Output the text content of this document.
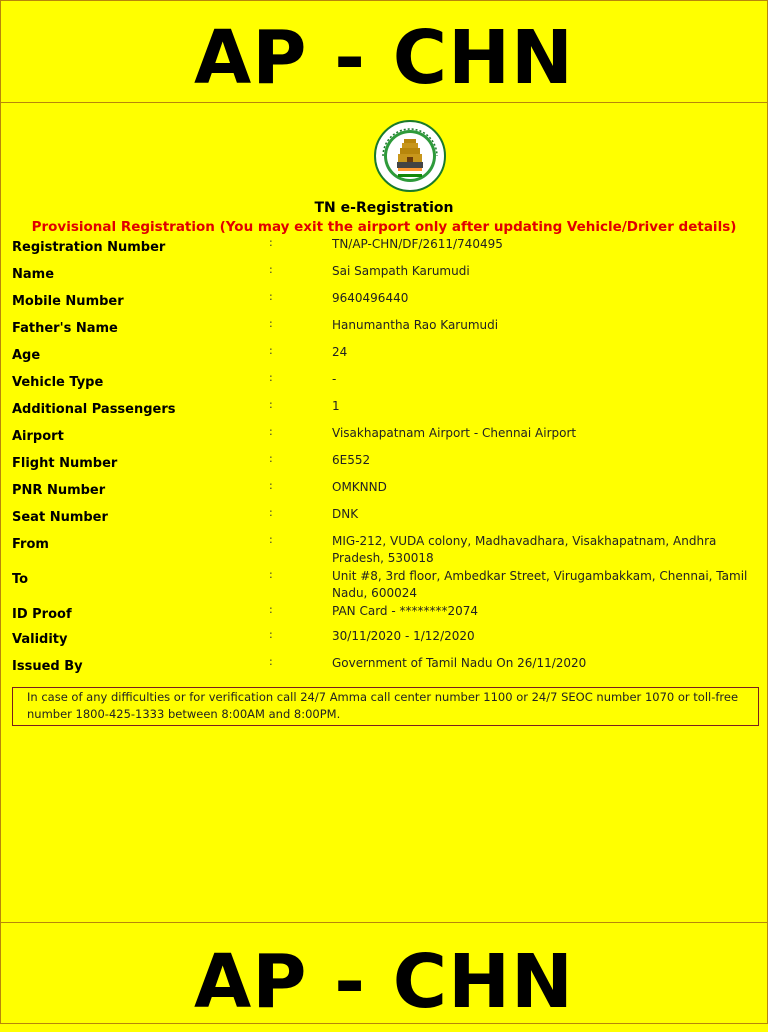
AP - CHN
TN e-Registration
Provisional Registration (You may exit the airport only after updating Vehicle/Driver details)
Registration Number	:	TN/AP-CHN/DF/2611/740495
Name	:	Sai Sampath Karumudi
Mobile Number	:	9640496440
Father's Name	:	Hanumantha Rao Karumudi
Age	:	24
Vehicle Type	:	-
Additional Passengers	:	1
Airport	:	Visakhapatnam Airport - Chennai Airport
Flight Number	:	6E552
PNR Number	:	OMKNND
Seat Number	:	DNK
From	:	MIG-212, VUDA colony, Madhavadhara, Visakhapatnam, Andhra Pradesh, 530018
To	:	Unit #8, 3rd floor, Ambedkar Street, Virugambakkam, Chennai, Tamil Nadu, 600024
ID Proof	:	PAN Card - ********2074
Validity	:	30/11/2020 - 1/12/2020
Issued By	:	Government of Tamil Nadu On 26/11/2020
In case of any difficulties or for verification call 24/7 Amma call center number 1100 or 24/7 SEOC number 1070 or toll-free number 1800-425-1333 between 8:00AM and 8:00PM.
AP - CHN
